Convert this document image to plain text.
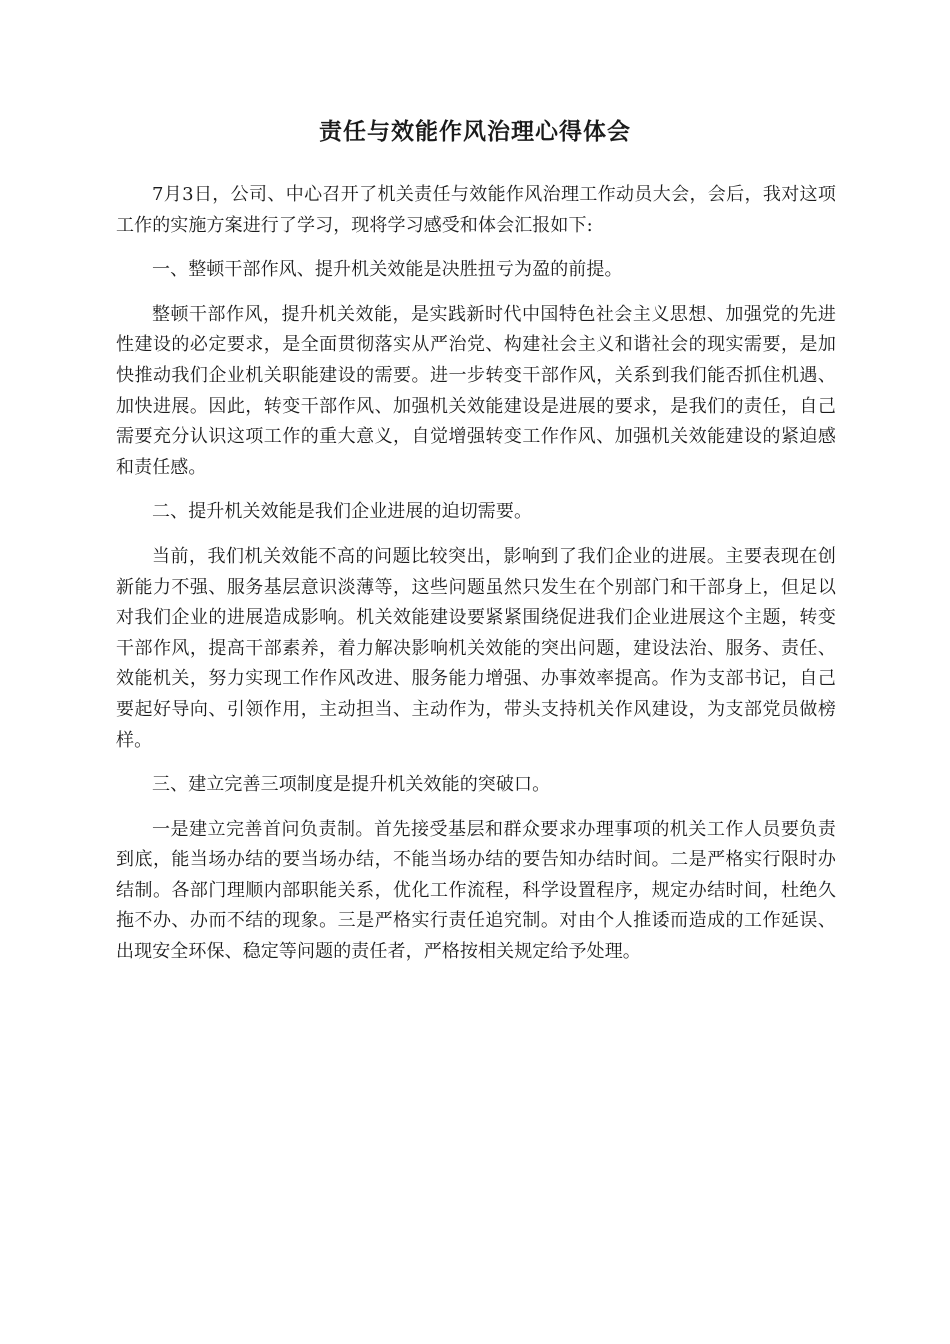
责任与效能作风治理心得体会

7月3日，公司、中心召开了机关责任与效能作风治理工作动员大会，会后，我对这项工作的实施方案进行了学习，现将学习感受和体会汇报如下:

一、整顿干部作风、提升机关效能是决胜扭亏为盈的前提。

整顿干部作风，提升机关效能，是实践新时代中国特色社会主义思想、加强党的先进性建设的必定要求，是全面贯彻落实从严治党、构建社会主义和谐社会的现实需要，是加快推动我们企业机关职能建设的需要。进一步转变干部作风，关系到我们能否抓住机遇、加快进展。因此，转变干部作风、加强机关效能建设是进展的要求，是我们的责任，自己需要充分认识这项工作的重大意义，自觉增强转变工作作风、加强机关效能建设的紧迫感和责任感。

二、提升机关效能是我们企业进展的迫切需要。

当前，我们机关效能不高的问题比较突出，影响到了我们企业的进展。主要表现在创新能力不强、服务基层意识淡薄等，这些问题虽然只发生在个别部门和干部身上，但足以对我们企业的进展造成影响。机关效能建设要紧紧围绕促进我们企业进展这个主题，转变干部作风，提高干部素养，着力解决影响机关效能的突出问题，建设法治、服务、责任、效能机关，努力实现工作作风改进、服务能力增强、办事效率提高。作为支部书记，自己要起好导向、引领作用，主动担当、主动作为，带头支持机关作风建设，为支部党员做榜样。

三、建立完善三项制度是提升机关效能的突破口。

一是建立完善首问负责制。首先接受基层和群众要求办理事项的机关工作人员要负责到底，能当场办结的要当场办结，不能当场办结的要告知办结时间。二是严格实行限时办结制。各部门理顺内部职能关系，优化工作流程，科学设置程序，规定办结时间，杜绝久拖不办、办而不结的现象。三是严格实行责任追究制。对由个人推诿而造成的工作延误、出现安全环保、稳定等问题的责任者，严格按相关规定给予处理。
